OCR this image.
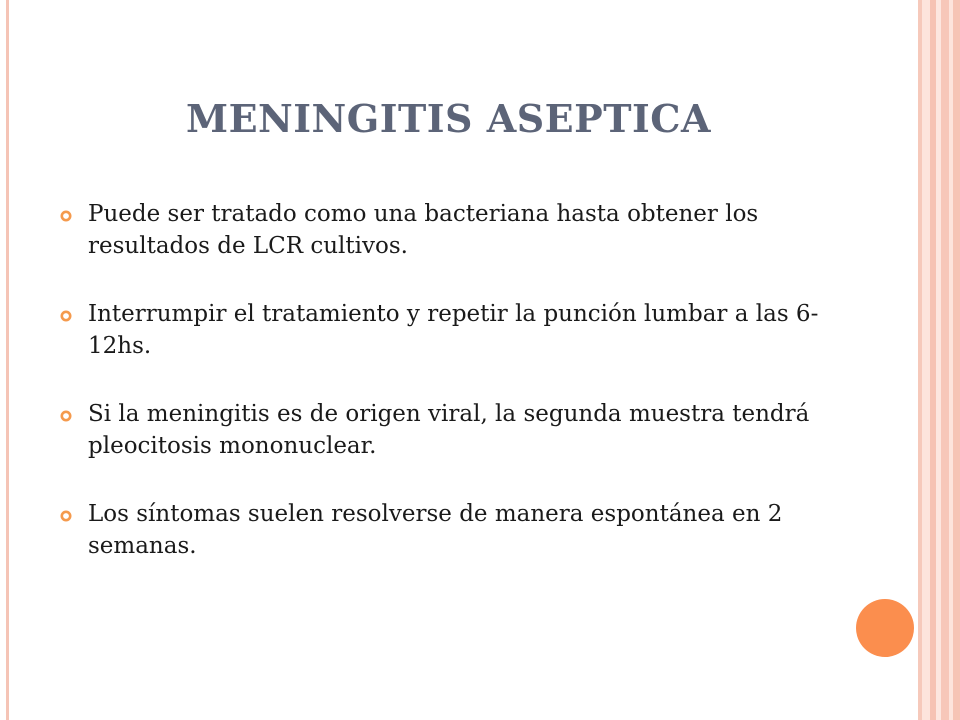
MENINGITIS ASEPTICA
Puede ser tratado como una bacteriana hasta obtener los resultados de LCR cultivos.
Interrumpir el tratamiento y repetir la punción lumbar a las 6-12hs.
Si la meningitis es de origen viral, la segunda muestra tendrá pleocitosis mononuclear.
Los síntomas suelen resolverse de manera espontánea en 2 semanas.
